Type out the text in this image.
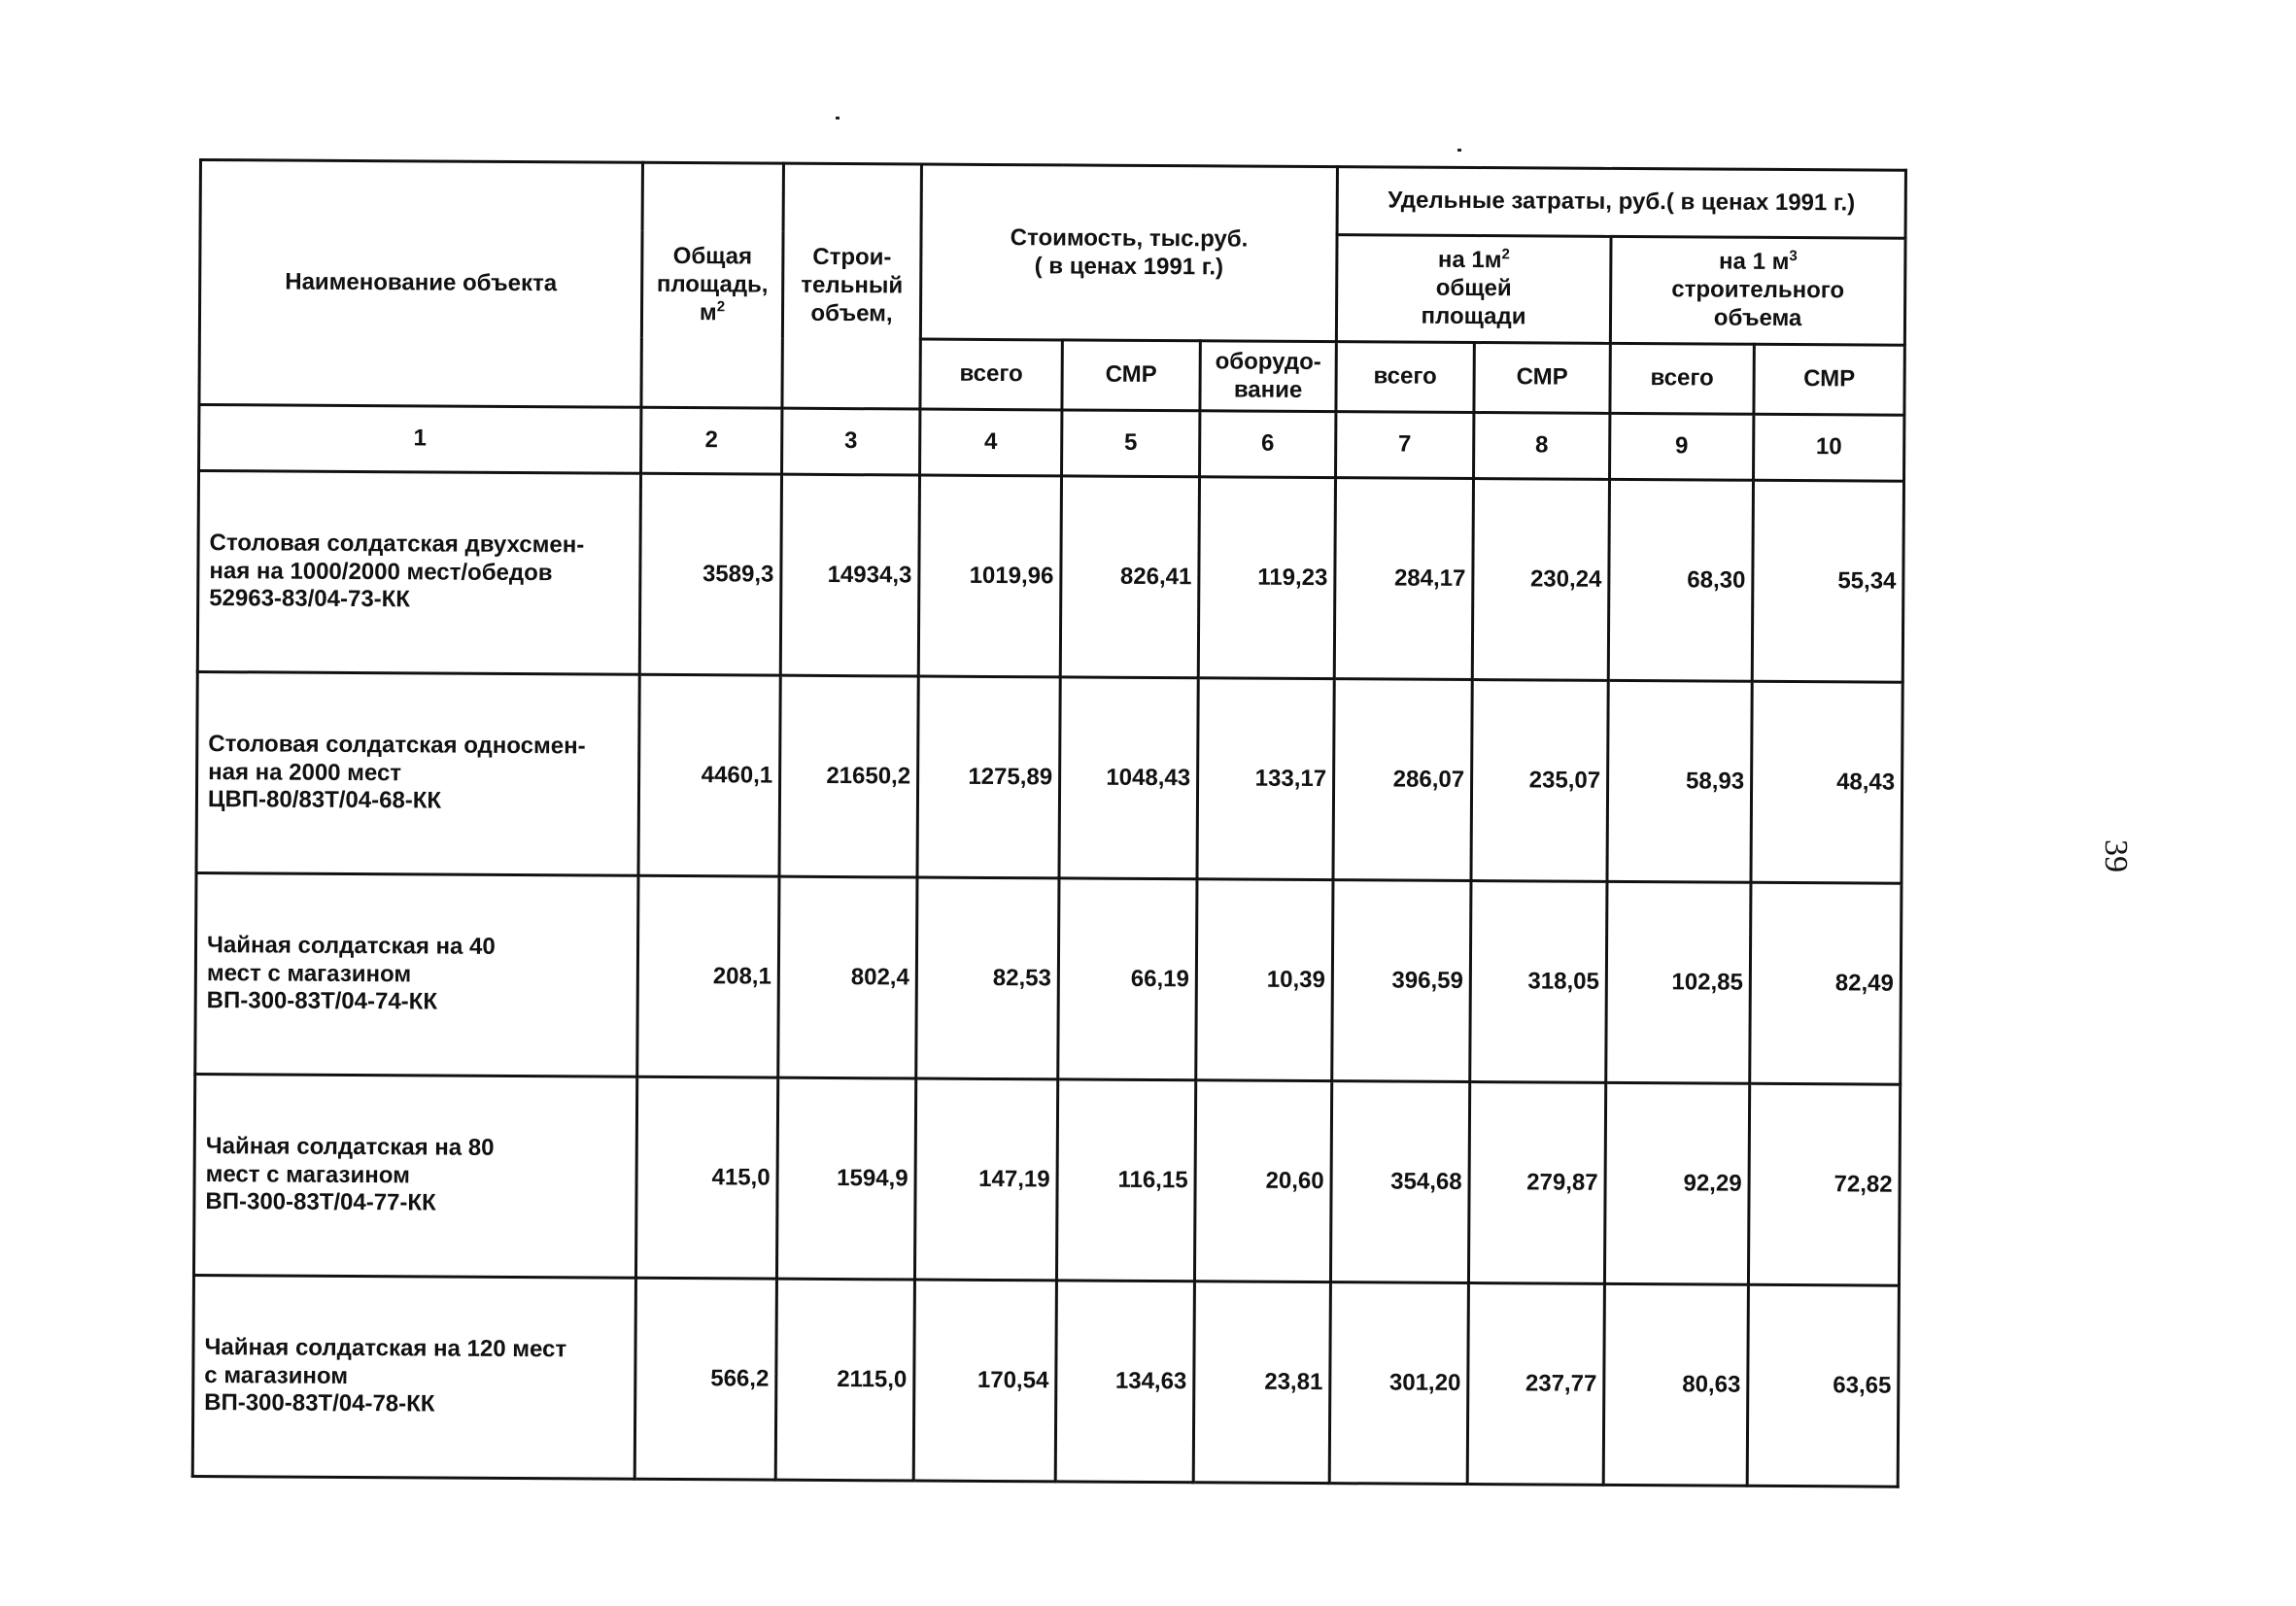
Наименование объекта	Общая
площадь,
$м^2$	Строи-
тельный
объем,	Стоимость, тыс.руб.
( в ценах 1991 г.)			Удельные затраты, руб.( в ценах 1991 г.)			

						на $1м^2$
общей
площади		на 1 $м^3$
строительного
объема	

			всего	СМР	оборудо-
вание	всего	СМР	всего	СМР
1	2	3	4	5	6	7	8	9	10

Столовая солдатская двухсмен-
ная на 1000/2000 мест/обедов
52963-83/04-73-КК	3589,3	14934,3	1019,96	826,41	119,23	284,17	230,24	68,30	55,34

Столовая солдатская односмен-
ная на 2000 мест
ЦВП-80/83Т/04-68-КК	4460,1	21650,2	1275,89	1048,43	133,17	286,07	235,07	58,93	48,43

Чайная солдатская на 40
мест с магазином
ВП-300-83Т/04-74-КК	208,1	802,4	82,53	66,19	10,39	396,59	318,05	102,85	82,49

Чайная солдатская на 80
мест с магазином
ВП-300-83Т/04-77-КК	415,0	1594,9	147,19	116,15	20,60	354,68	279,87	92,29	72,82

Чайная солдатская на 120 мест
с магазином
ВП-300-83Т/04-78-КК	566,2	2115,0	170,54	134,63	23,81	301,20	237,77	80,63	63,65
39
